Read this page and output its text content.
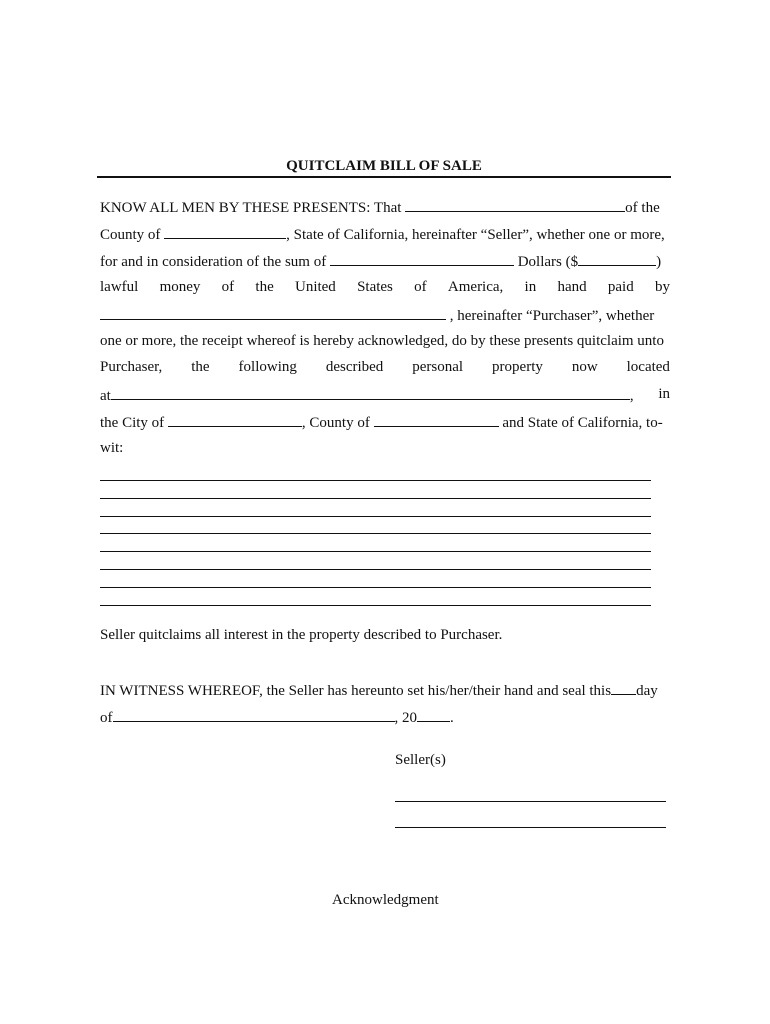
QUITCLAIM BILL OF SALE
KNOW ALL MEN BY THESE PRESENTS: That	of the
County of	, State of California, hereinafter “Seller”, whether one or more,
for and in consideration of the sum of	Dollars ($	)
lawful money of the United States of America, in hand paid by
, hereinafter “Purchaser”, whether
one or more, the receipt whereof is hereby acknowledged, do by these presents quitclaim unto
Purchaser, the following described personal property now located
at	, in
the City of	, County of	and State of California, to-
wit:
Seller quitclaims all interest in the property described to Purchaser.
IN WITNESS WHEREOF, the Seller has hereunto set his/her/their hand and seal this day
of	, 20 .
Seller(s)
Acknowledgment
